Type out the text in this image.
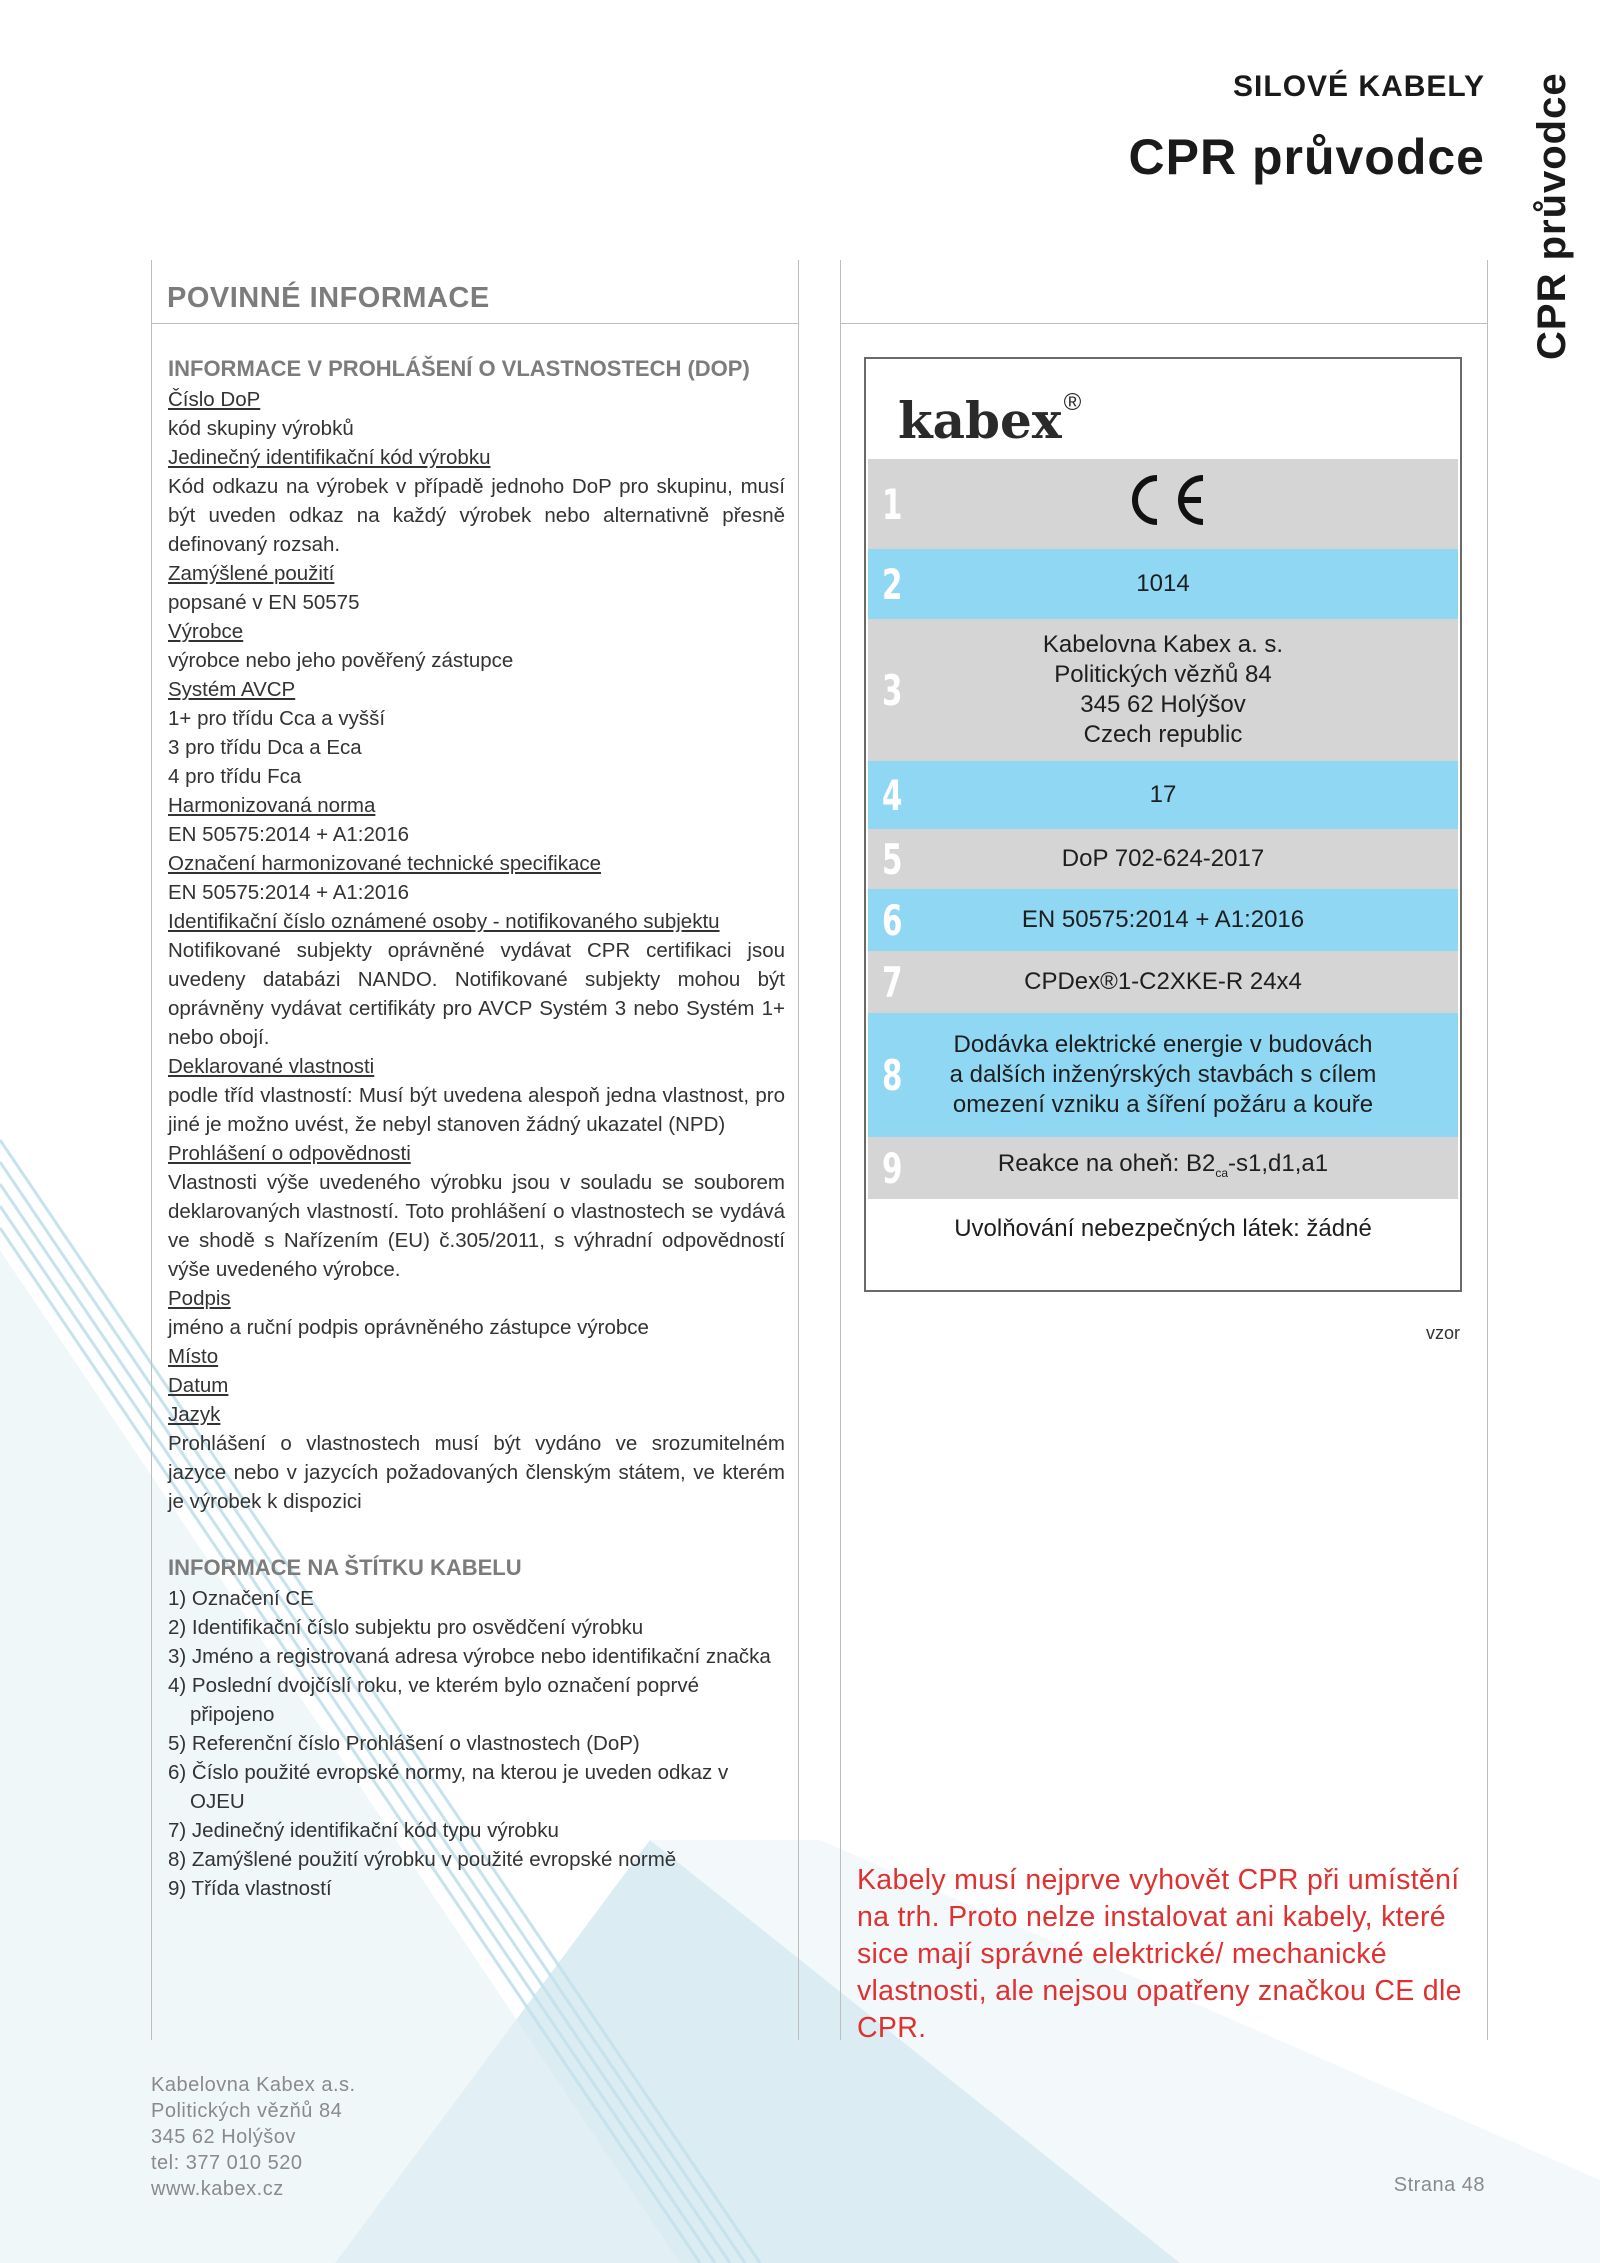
SILOVÉ KABELY
CPR průvodce CPR průvodce
POVINNÉ INFORMACE

INFORMACE V PROHLÁŠENÍ O VLASTNOSTECH (DOP)

Číslo DoP

kód skupiny výrobků

Jedinečný identifikační kód výrobku

Kód odkazu na výrobek v případě jednoho DoP pro skupinu, musí být uveden odkaz na každý výrobek nebo alternativně přesně definovaný rozsah.

Zamýšlené použití

popsané v EN 50575

Výrobce

výrobce nebo jeho pověřený zástupce

Systém AVCP

1+ pro třídu Cca a vyšší

3 pro třídu Dca a Eca

4 pro třídu Fca

Harmonizovaná norma

EN 50575:2014 + A1:2016

Označení harmonizované technické specifikace

EN 50575:2014 + A1:2016

Identifikační číslo oznámené osoby - notifikovaného subjektu

Notifikované subjekty oprávněné vydávat CPR certifikaci jsou uvedeny databázi NANDO. Notifikované subjekty mohou být oprávněny vydávat certifikáty pro AVCP Systém 3 nebo Systém 1+ nebo obojí.

Deklarované vlastnosti

podle tříd vlastností: Musí být uvedena alespoň jedna vlastnost, pro jiné je možno uvést, že nebyl stanoven žádný ukazatel (NPD)

Prohlášení o odpovědnosti

Vlastnosti výše uvedeného výrobku jsou v souladu se souborem deklarovaných vlastností. Toto prohlášení o vlastnostech se vydává ve shodě s Nařízením (EU) č.305/2011, s výhradní odpovědností výše uvedeného výrobce.

Podpis

jméno a ruční podpis oprávněného zástupce výrobce

Místo

Datum

Jazyk

Prohlášení o vlastnostech musí být vydáno ve srozumitelném jazyce nebo v jazycích požadovaných členským státem, ve kterém je výrobek k dispozici

INFORMACE NA ŠTÍTKU KABELU

1) Označení CE
2) Identifikační číslo subjektu pro osvědčení výrobku
3) Jméno a registrovaná adresa výrobce nebo identifikační značka
4) Poslední dvojčíslí roku, ve kterém bylo označení poprvé připojeno
5) Referenční číslo Prohlášení o vlastnostech (DoP)
6) Číslo použité evropské normy, na kterou je uveden odkaz v OJEU
7) Jedinečný identifikační kód typu výrobku
8) Zamýšlené použití výrobku v použité evropské normě
9) Třída vlastností
kabex®
1
2	1014
3
Kabelovna Kabex a. s.
Politických vězňů 84
345 62 Holýšov
Czech republic
4	17
5	DoP 702-624-2017
6	EN 50575:2014 + A1:2016
7	CPDex®1-C2XKE-R 24x4
8
Dodávka elektrické energie v budovách
a dalších inženýrských stavbách s cílem
omezení vzniku a šíření požáru a kouře
9	Reakce na oheň: $B2_{ca}-s1,d1,a1$
Uvolňování nebezpečných látek: žádné
vzor
Kabely musí nejprve vyhovět CPR při umístění na trh. Proto nelze instalovat ani kabely, které sice mají správné elektrické/ mechanické vlastnosti, ale nejsou opatřeny značkou CE dle CPR.
Kabelovna Kabex a.s.
Politických vězňů 84
345 62 Holýšov
tel: 377 010 520
www.kabex.cz	Strana 48
